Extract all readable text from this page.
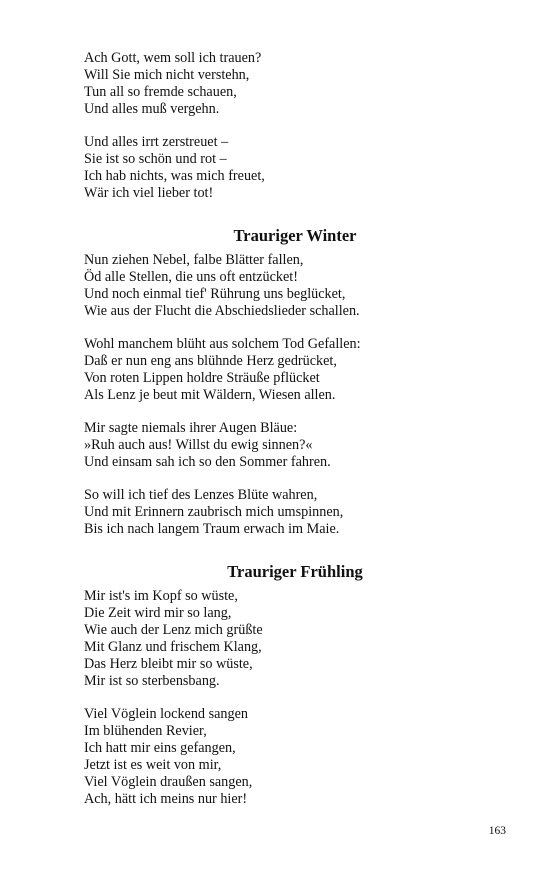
Ach Gott, wem soll ich trauen?
Will Sie mich nicht verstehn,
Tun all so fremde schauen,
Und alles muß vergehn.
Und alles irrt zerstreuet –
Sie ist so schön und rot –
Ich hab nichts, was mich freuet,
Wär ich viel lieber tot!
Trauriger Winter
Nun ziehen Nebel, falbe Blätter fallen,
Öd alle Stellen, die uns oft entzücket!
Und noch einmal tief' Rührung uns beglücket,
Wie aus der Flucht die Abschiedslieder schallen.
Wohl manchem blüht aus solchem Tod Gefallen:
Daß er nun eng ans blühnde Herz gedrücket,
Von roten Lippen holdre Sträuße pflücket
Als Lenz je beut mit Wäldern, Wiesen allen.
Mir sagte niemals ihrer Augen Bläue:
»Ruh auch aus! Willst du ewig sinnen?«
Und einsam sah ich so den Sommer fahren.
So will ich tief des Lenzes Blüte wahren,
Und mit Erinnern zaubrisch mich umspinnen,
Bis ich nach langem Traum erwach im Maie.
Trauriger Frühling
Mir ist's im Kopf so wüste,
Die Zeit wird mir so lang,
Wie auch der Lenz mich grüßte
Mit Glanz und frischem Klang,
Das Herz bleibt mir so wüste,
Mir ist so sterbensbang.
Viel Vöglein lockend sangen
Im blühenden Revier,
Ich hatt mir eins gefangen,
Jetzt ist es weit von mir,
Viel Vöglein draußen sangen,
Ach, hätt ich meins nur hier!
163
